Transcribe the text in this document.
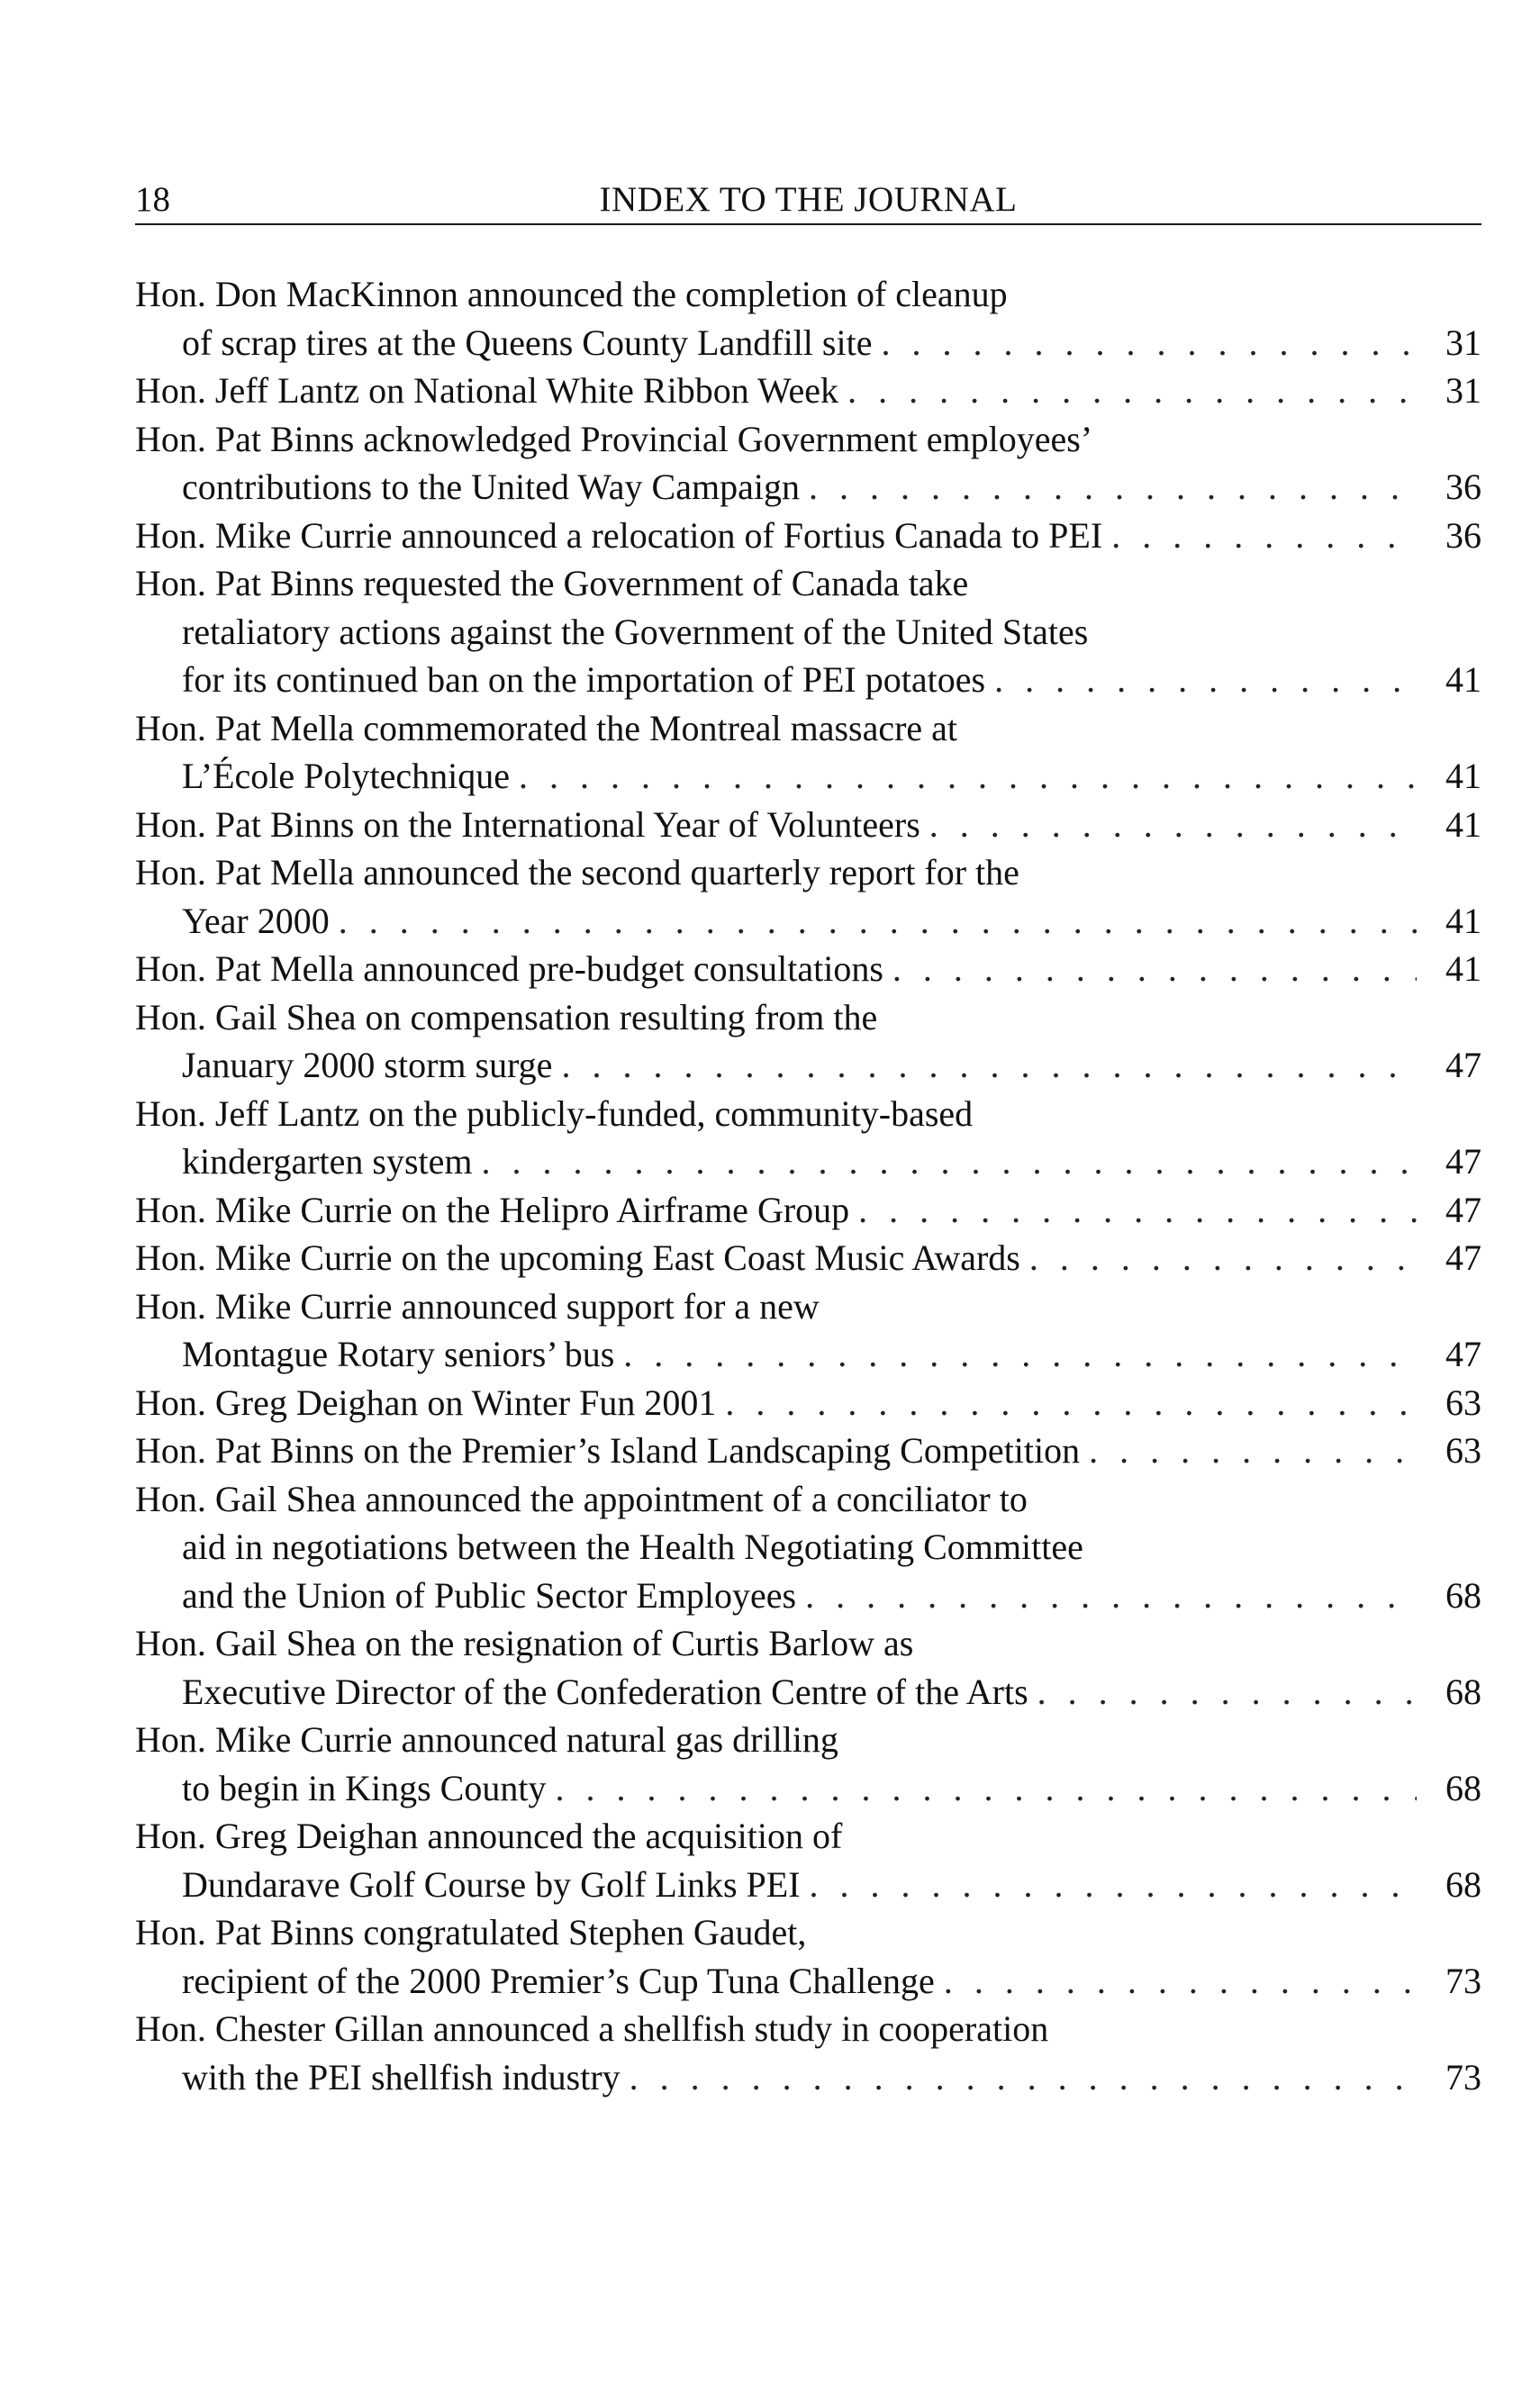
18	INDEX TO THE JOURNAL
Hon. Don MacKinnon announced the completion of cleanup
of scrap tires at the Queens County Landfill site . . .	31
Hon. Jeff Lantz on National White Ribbon Week . . .	31
Hon. Pat Binns acknowledged Provincial Government employees’
contributions to the United Way Campaign . . .	36
Hon. Mike Currie announced a relocation of Fortius Canada to PEI . . .	36
Hon. Pat Binns requested the Government of Canada take
retaliatory actions against the Government of the United States
for its continued ban on the importation of PEI potatoes . . .	41
Hon. Pat Mella commemorated the Montreal massacre at
L’École Polytechnique . . .	41
Hon. Pat Binns on the International Year of Volunteers . . .	41
Hon. Pat Mella announced the second quarterly report for the
Year 2000 . . .	41
Hon. Pat Mella announced pre-budget consultations . . .	41
Hon. Gail Shea on compensation resulting from the
January 2000 storm surge . . .	47
Hon. Jeff Lantz on the publicly-funded, community-based
kindergarten system . . .	47
Hon. Mike Currie on the Helipro Airframe Group . . .	47
Hon. Mike Currie on the upcoming East Coast Music Awards . . .	47
Hon. Mike Currie announced support for a new
Montague Rotary seniors’ bus . . .	47
Hon. Greg Deighan on Winter Fun 2001 . . .	63
Hon. Pat Binns on the Premier’s Island Landscaping Competition . . .	63
Hon. Gail Shea announced the appointment of a conciliator to
aid in negotiations between the Health Negotiating Committee
and the Union of Public Sector Employees . . .	68
Hon. Gail Shea on the resignation of Curtis Barlow as
Executive Director of the Confederation Centre of the Arts . . .	68
Hon. Mike Currie announced natural gas drilling
to begin in Kings County . . .	68
Hon. Greg Deighan announced the acquisition of
Dundarave Golf Course by Golf Links PEI . . .	68
Hon. Pat Binns congratulated Stephen Gaudet,
recipient of the 2000 Premier’s Cup Tuna Challenge . . .	73
Hon. Chester Gillan announced a shellfish study in cooperation
with the PEI shellfish industry . . .	73
